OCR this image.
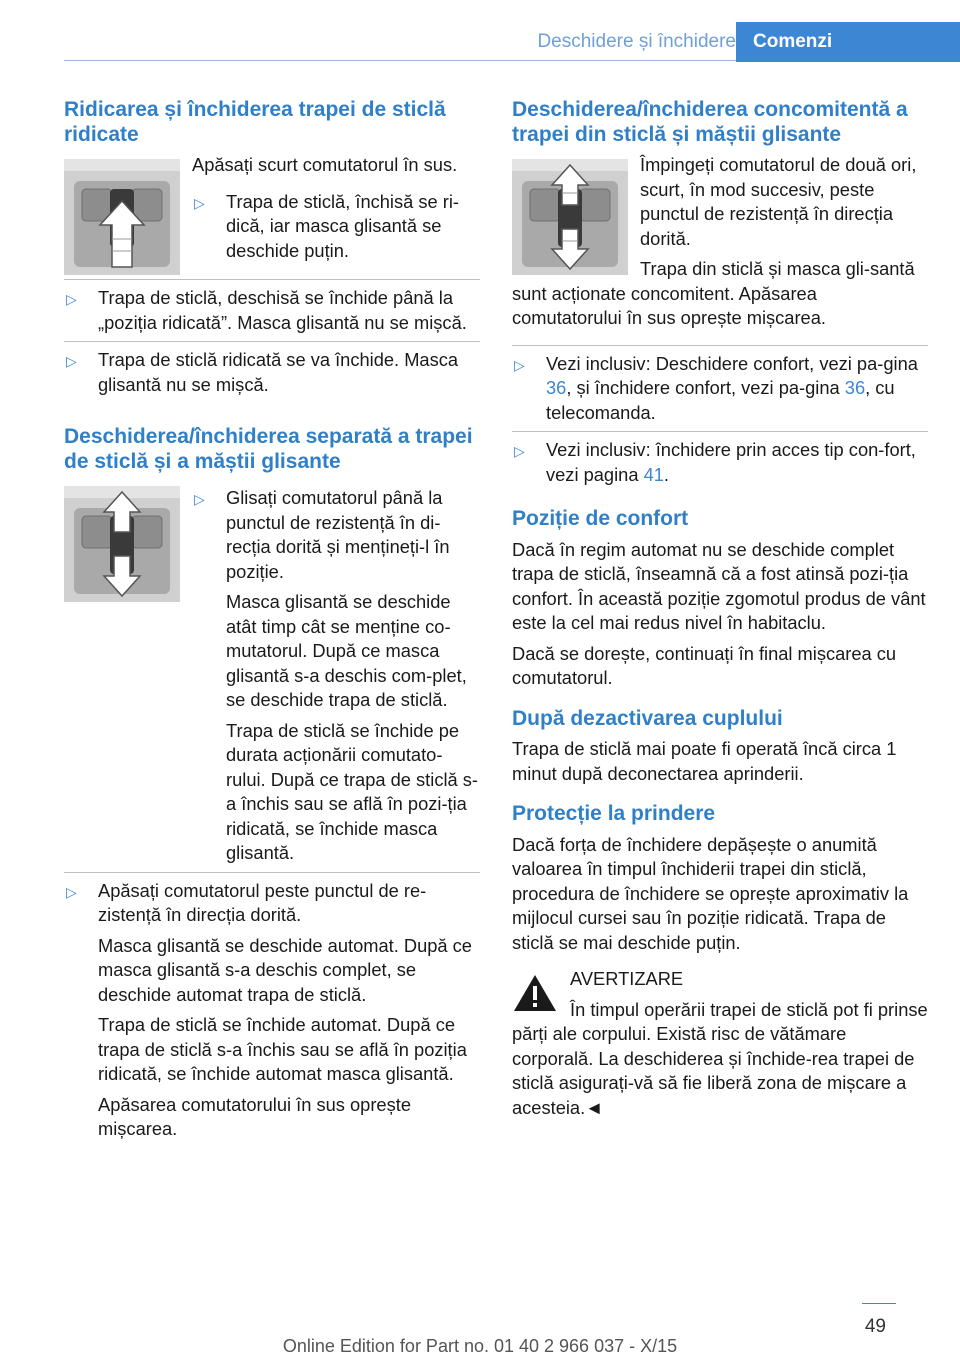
Deschidere și închidere Comenzi
Ridicarea și închiderea trapei de sticlă ridicate

Apăsați scurt comutatorul în sus.

▷ Trapa de sticlă, închisă se ri-dică, iar masca glisantă se deschide puțin.

▷ Trapa de sticlă, deschisă se închide până la „poziția ridicată”. Masca glisantă nu se mișcă.

▷ Trapa de sticlă ridicată se va închide. Masca glisantă nu se mișcă.

Deschiderea/închiderea separată a trapei de sticlă și a măștii glisante
▷ Glisați comutatorul până la punctul de rezistență în di-recția dorită și mențineți-l în poziție.

Masca glisantă se deschide atât timp cât se menține co-mutatorul. După ce masca glisantă s-a deschis com-plet, se deschide trapa de sticlă.

Trapa de sticlă se închide pe durata acționării comutato-rului. După ce trapa de sticlă s-a închis sau se află în pozi-ția ridicată, se închide masca glisantă.

▷ Apăsați comutatorul peste punctul de re-zistență în direcția dorită.

Masca glisantă se deschide automat. După ce masca glisantă s-a deschis complet, se deschide automat trapa de sticlă.

Trapa de sticlă se închide automat. După ce trapa de sticlă s-a închis sau se află în poziția ridicată, se închide automat masca glisantă.

Apăsarea comutatorului în sus oprește mișcarea.

Deschiderea/închiderea concomitentă a trapei din sticlă și măștii glisante

Împingeți comutatorul de două ori, scurt, în mod succesiv, peste punctul de rezistență în direcția dorită.

Trapa din sticlă și masca gli-santă sunt acționate concomitent. Apăsarea comutatorului în sus oprește mișcarea.

▷ Vezi inclusiv: Deschidere confort, vezi pa-gina 36, și închidere confort, vezi pa-gina 36, cu telecomanda.

▷ Vezi inclusiv: închidere prin acces tip con-fort, vezi pagina 41.

Poziție de confort

Dacă în regim automat nu se deschide complet trapa de sticlă, înseamnă că a fost atinsă pozi-ția confort. În această poziție zgomotul produs de vânt este la cel mai redus nivel în habitaclu.

Dacă se dorește, continuați în final mișcarea cu comutatorul.

După dezactivarea cuplului

Trapa de sticlă mai poate fi operată încă circa 1 minut după deconectarea aprinderii.

Protecție la prindere

Dacă forța de închidere depășește o anumită valoarea în timpul închiderii trapei din sticlă, procedura de închidere se oprește aproximativ la mijlocul cursei sau în poziție ridicată. Trapa de sticlă se mai deschide puțin.

AVERTIZARE

În timpul operării trapei de sticlă pot fi prinse părți ale corpului. Există risc de vătămare corporală. La deschiderea și închide-rea trapei de sticlă asigurați-vă să fie liberă zona de mișcare a acesteia.◄

49
Online Edition for Part no. 01 40 2 966 037 - X/15
